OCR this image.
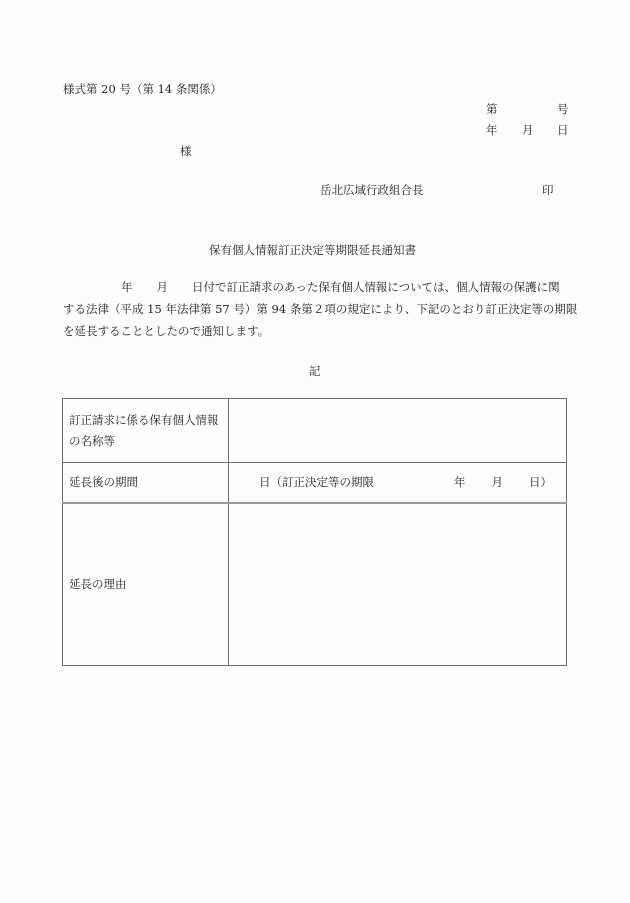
様式第 20 号（第 14 条関係）
第	号
年 月 日
様
岳北広域行政組合長	印
保有個人情報訂正決定等期限延長通知書
年 月 日付で訂正請求のあった保有個人情報については、個人情報の保護に関
する法律（平成 15 年法律第 57 号）第 94 条第２項の規定により、下記のとおり訂正決定等の期限
を延長することとしたので通知します。
記
訂正請求に係る保有個人情報
の名称等	

延長後の期間	日（訂正決定等の期限 年 月 日）
延長の理由	
